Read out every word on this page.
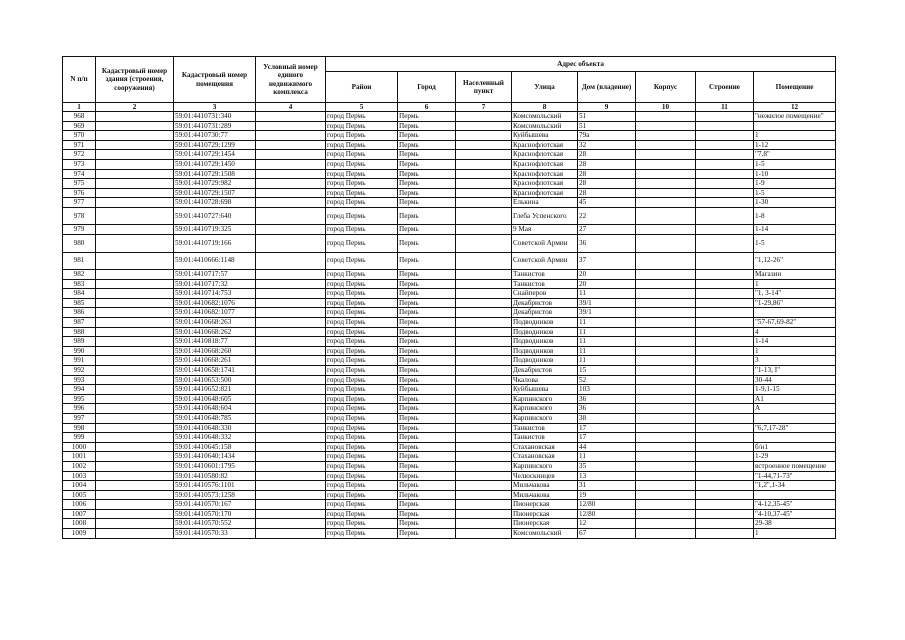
N п/п	Кадастровый номер здания (строения, сооружения)	Кадастровый номер помещения	Условный номер единого недвижимого комплекса	Адрес объекта							
				Район	Город	Населенный пункт	Улица	Дом (владение)	Корпус	Строение	Помещение
1	2	3	4	5	6	7	8	9	10	11	12
968		59:01:4410731:340		город Пермь	Пермь		Комсомольский	51			"нежилое помещение"
969		59:01:4410731:289		город Пермь	Пермь		Комсомольский	51			
970		59:01:4410730:77		город Пермь	Пермь		Куйбышева	79а			1
971		59:01:4410729:1299		город Пермь	Пермь		Краснофлотская	32			1-12
972		59:01:4410729:1454		город Пермь	Пермь		Краснофлотская	28			"7,8"
973		59:01:4410729:1450		город Пермь	Пермь		Краснофлотская	28			1-5
974		59:01:4410729:1508		город Пермь	Пермь		Краснофлотская	28			1-10
975		59:01:4410729:982		город Пермь	Пермь		Краснофлотская	28			1-9
976		59:01:4410729:1507		город Пермь	Пермь		Краснофлотская	28			1-5
977		59:01:4410728:698		город Пермь	Пермь		Елькина	45			1-30
978		59:01:4410727:640		город Пермь	Пермь		Глеба Успенского	22			1-8
979		59:01:4410719:325		город Пермь	Пермь		9 Мая	27			1-14
980		59:01:4410719:166		город Пермь	Пермь		Советской Армии	36			1-5
981		59:01:4410666:1148		город Пермь	Пермь		Советской Армии	37			"1,12-26"
982		59:01:4410717:57		город Пермь	Пермь		Танкистов	20			Магазин
983		59:01:4410717:32		город Пермь	Пермь		Танкистов	20			1
984		59:01:4410714:753		город Пермь	Пермь		Снайперов	11			"1, 3-14"
985		59:01:4410682:1076		город Пермь	Пермь		Декабристов	39/1			"1-29,86"
986		59:01:4410682:1077		город Пермь	Пермь		Декабристов	39/1			
987		59:01:4410668:263		город Пермь	Пермь		Подводников	11			"57-67,69-82"
988		59:01:4410668:262		город Пермь	Пермь		Подводников	11			4
989		59:01:4410818:77		город Пермь	Пермь		Подводников	11			1-14
990		59:01:4410668:260		город Пермь	Пермь		Подводников	11			1
991		59:01:4410668:261		город Пермь	Пермь		Подводников	11			3
992		59:01:4410658:1741		город Пермь	Пермь		Декабристов	15			"1-13, I"
993		59:01:4410653:500		город Пермь	Пермь		Чкалова	52			30-44
994		59:01:4410652:821		город Пермь	Пермь		Куйбышева	103			1-9,1-15
995		59:01:4410648:605		город Пермь	Пермь		Карпинского	36			А1
996		59:01:4410648:604		город Пермь	Пермь		Карпинского	36			А
997		59:01:4410648:785		город Пермь	Пермь		Карпинского	38			
998		59:01:4410648:330		город Пермь	Пермь		Танкистов	17			"6,7,17-28"
999		59:01:4410648:332		город Пермь	Пермь		Танкистов	17			
1000		59:01:4410645:158		город Пермь	Пермь		Стахановская	44			б/н1
1001		59:01:4410640:1434		город Пермь	Пермь		Стахановская	11			1-29
1002		59:01:4410601:1795		город Пермь	Пермь		Карпинского	35			встроенное помещение
1003		59:01:4410580:82		город Пермь	Пермь		Челюскинцев	13			"1-44,71-73"
1004		59:01:4410576:1101		город Пермь	Пермь		Мильчакова	31			"1,2",1-34
1005		59:01:4410573:1258		город Пермь	Пермь		Мильчакова	19			
1006		59:01:4410570:167		город Пермь	Пермь		Пионерская	12/80			"4-12,35-45"
1007		59:01:4410570:170		город Пермь	Пермь		Пионерская	12/80			"4-10,37-45"
1008		59:01:4410570:552		город Пермь	Пермь		Пионерская	12			29-38
1009		59:01:4410570:33		город Пермь	Пермь		Комсомольский	67			1
